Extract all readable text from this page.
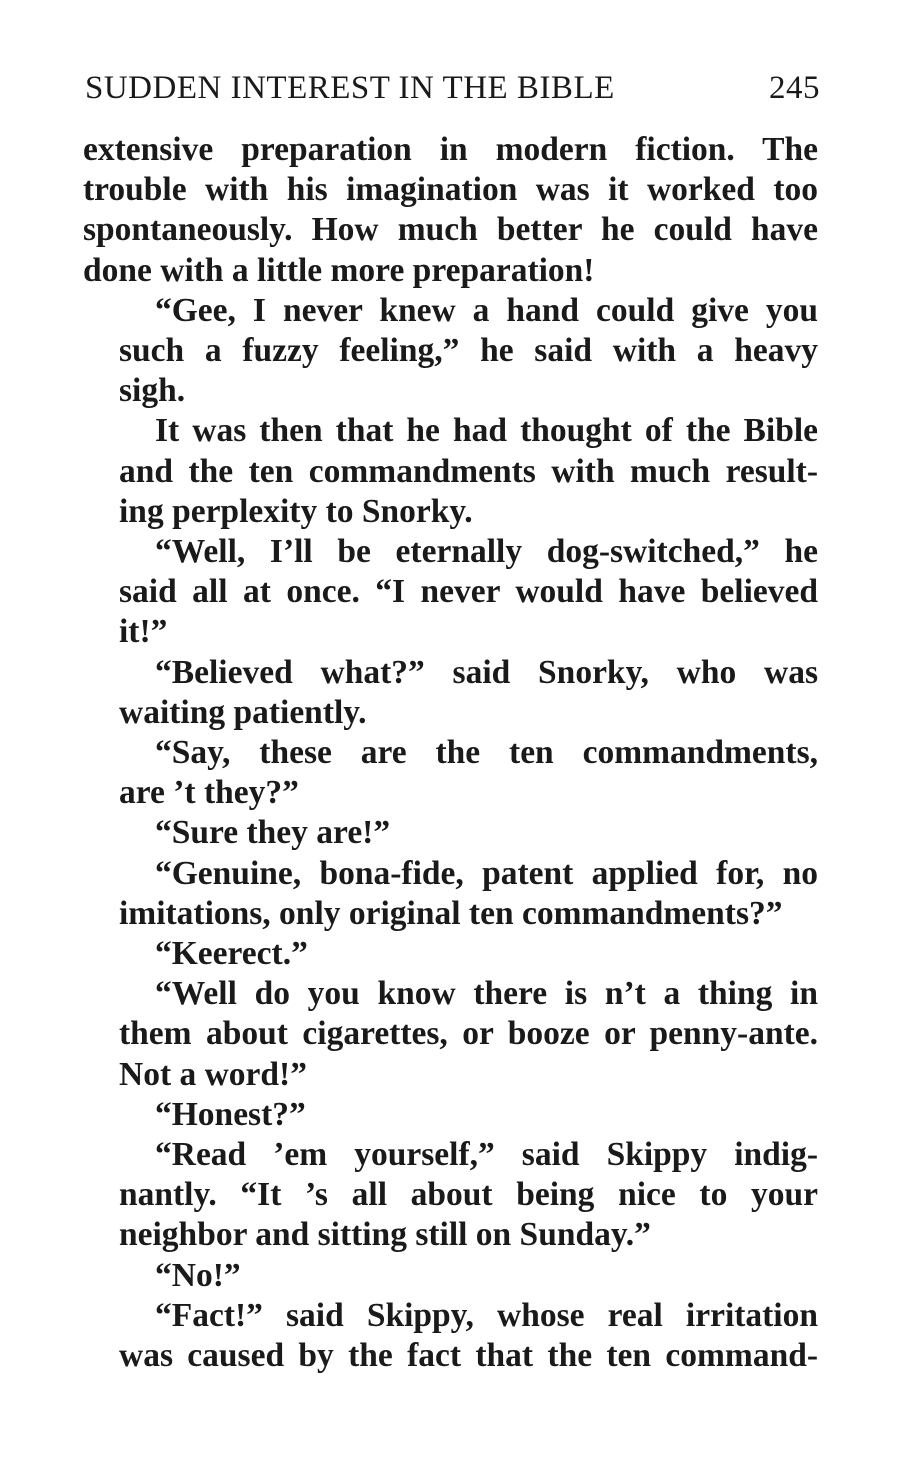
SUDDEN INTEREST IN THE BIBLE	245
extensive preparation in modern fiction. The
trouble with his imagination was it worked too
spontaneously. How much better he could have
done with a little more preparation!
“Gee, I never knew a hand could give you
such a fuzzy feeling,” he said with a heavy
sigh.
It was then that he had thought of the Bible
and the ten commandments with much result-
ing perplexity to Snorky.
“Well, I’ll be eternally dog-switched,” he
said all at once. “I never would have believed
it!”
“Believed what?” said Snorky, who was
waiting patiently.
“Say, these are the ten commandments,
are ’t they?”
“Sure they are!”
“Genuine, bona-fide, patent applied for, no
imitations, only original ten commandments?”
“Keerect.”
“Well do you know there is n’t a thing in
them about cigarettes, or booze or penny-ante.
Not a word!”
“Honest?”
“Read ’em yourself,” said Skippy indig-
nantly. “It ’s all about being nice to your
neighbor and sitting still on Sunday.”
“No!”
“Fact!” said Skippy, whose real irritation
was caused by the fact that the ten command-
